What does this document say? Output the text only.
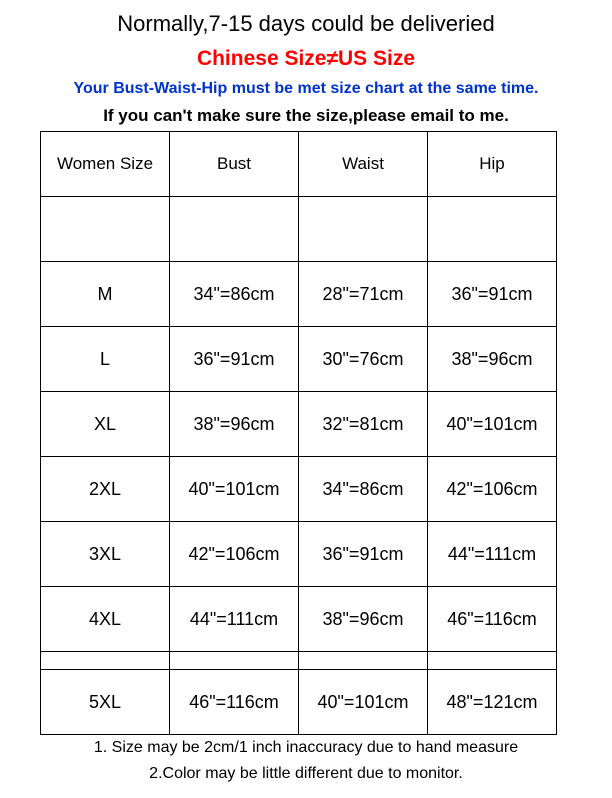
Normally,7-15 days could be deliveried
Chinese Size≠US Size
Your Bust-Waist-Hip must be met size chart at the same time.
If you can't make sure the size,please email to me.
Women Size	Bust	Waist	Hip

M	34"=86cm	28"=71cm	36"=91cm
L	36"=91cm	30"=76cm	38"=96cm
XL	38"=96cm	32"=81cm	40"=101cm
2XL	40"=101cm	34"=86cm	42"=106cm
3XL	42"=106cm	36"=91cm	44"=111cm
4XL	44"=111cm	38"=96cm	46"=116cm

5XL	46"=116cm	40"=101cm	48"=121cm
1. Size may be 2cm/1 inch inaccuracy due to hand measure
2.Color may be little different due to monitor.
